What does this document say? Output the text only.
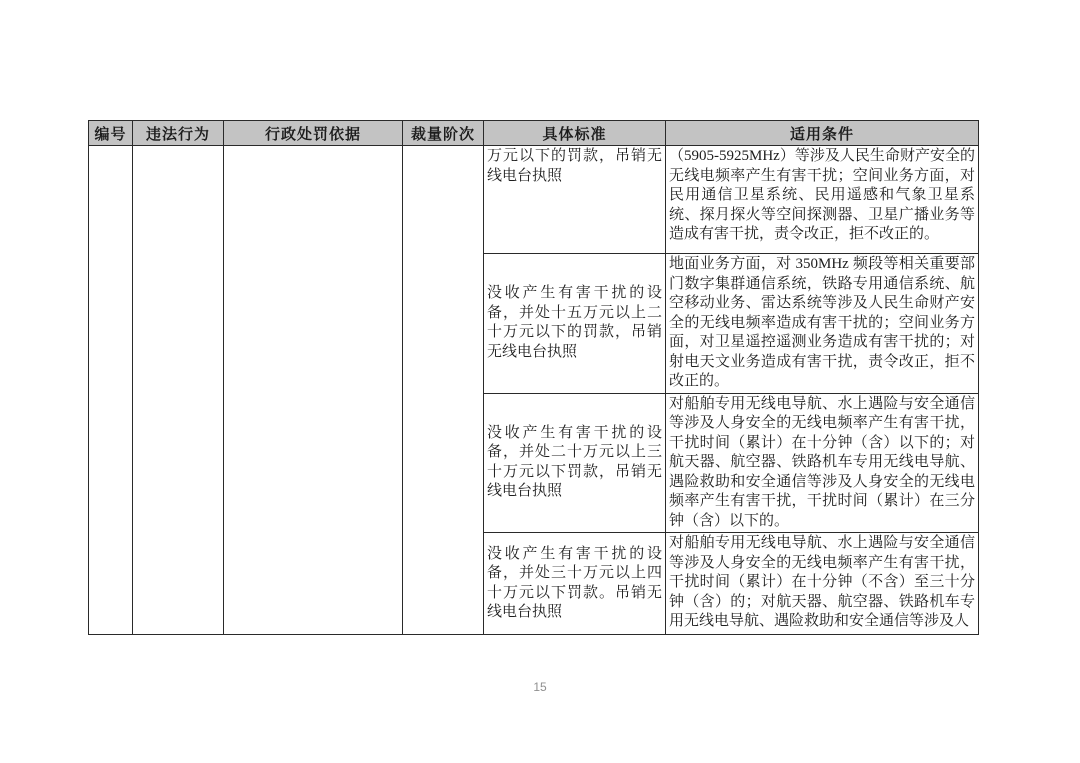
编号	违法行为	行政处罚依据	裁量阶次	具体标准	适用条件
				万元以下的罚款，吊销无线电台执照	（5905-5925MHz）等涉及人民生命财产安全的无线电频率产生有害干扰；空间业务方面，对民用通信卫星系统、民用遥感和气象卫星系统、探月探火等空间探测器、卫星广播业务等造成有害干扰，责令改正，拒不改正的。
				没收产生有害干扰的设备，并处十五万元以上二十万元以下的罚款，吊销无线电台执照	地面业务方面，对 350MHz 频段等相关重要部门数字集群通信系统，铁路专用通信系统、航空移动业务、雷达系统等涉及人民生命财产安全的无线电频率造成有害干扰的；空间业务方面，对卫星遥控遥测业务造成有害干扰的；对射电天文业务造成有害干扰，责令改正，拒不改正的。
				没收产生有害干扰的设备，并处二十万元以上三十万元以下罚款，吊销无线电台执照	对船舶专用无线电导航、水上遇险与安全通信等涉及人身安全的无线电频率产生有害干扰，干扰时间（累计）在十分钟（含）以下的；对航天器、航空器、铁路机车专用无线电导航、遇险救助和安全通信等涉及人身安全的无线电频率产生有害干扰，干扰时间（累计）在三分钟（含）以下的。
				没收产生有害干扰的设备，并处三十万元以上四十万元以下罚款。吊销无线电台执照	对船舶专用无线电导航、水上遇险与安全通信等涉及人身安全的无线电频率产生有害干扰，干扰时间（累计）在十分钟（不含）至三十分钟（含）的；对航天器、航空器、铁路机车专用无线电导航、遇险救助和安全通信等涉及人
15
